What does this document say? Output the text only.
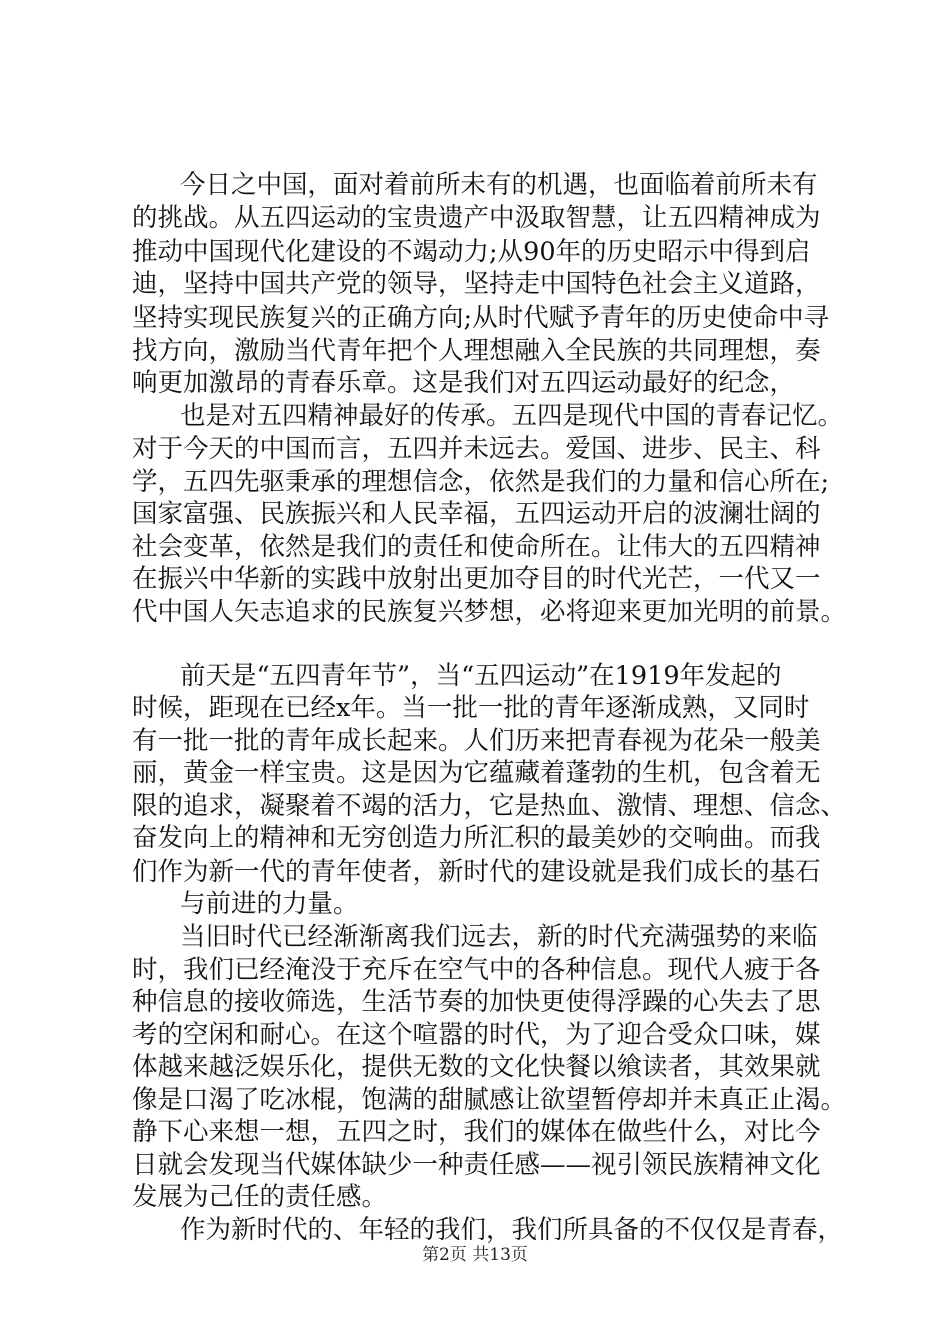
今日之中国，面对着前所未有的机遇，也面临着前所未有
的挑战。从五四运动的宝贵遗产中汲取智慧，让五四精神成为
推动中国现代化建设的不竭动力;从90年的历史昭示中得到启
迪，坚持中国共产党的领导，坚持走中国特色社会主义道路，
坚持实现民族复兴的正确方向;从时代赋予青年的历史使命中寻
找方向，激励当代青年把个人理想融入全民族的共同理想，奏
响更加激昂的青春乐章。这是我们对五四运动最好的纪念，
也是对五四精神最好的传承。五四是现代中国的青春记忆。
对于今天的中国而言，五四并未远去。爱国、进步、民主、科
学，五四先驱秉承的理想信念，依然是我们的力量和信心所在;
国家富强、民族振兴和人民幸福，五四运动开启的波澜壮阔的
社会变革，依然是我们的责任和使命所在。让伟大的五四精神
在振兴中华新的实践中放射出更加夺目的时代光芒，一代又一
代中国人矢志追求的民族复兴梦想，必将迎来更加光明的前景。
前天是“五四青年节”，当“五四运动”在1919年发起的
时候，距现在已经x年。当一批一批的青年逐渐成熟，又同时
有一批一批的青年成长起来。人们历来把青春视为花朵一般美
丽，黄金一样宝贵。这是因为它蕴藏着蓬勃的生机，包含着无
限的追求，凝聚着不竭的活力，它是热血、激情、理想、信念、
奋发向上的精神和无穷创造力所汇积的最美妙的交响曲。而我
们作为新一代的青年使者，新时代的建设就是我们成长的基石
与前进的力量。
当旧时代已经渐渐离我们远去，新的时代充满强势的来临
时，我们已经淹没于充斥在空气中的各种信息。现代人疲于各
种信息的接收筛选，生活节奏的加快更使得浮躁的心失去了思
考的空闲和耐心。在这个喧嚣的时代，为了迎合受众口味，媒
体越来越泛娱乐化，提供无数的文化快餐以飨读者，其效果就
像是口渴了吃冰棍，饱满的甜腻感让欲望暂停却并未真正止渴。
静下心来想一想，五四之时，我们的媒体在做些什么，对比今
日就会发现当代媒体缺少一种责任感——视引领民族精神文化
发展为己任的责任感。
作为新时代的、年轻的我们，我们所具备的不仅仅是青春，
第2页 共13页
